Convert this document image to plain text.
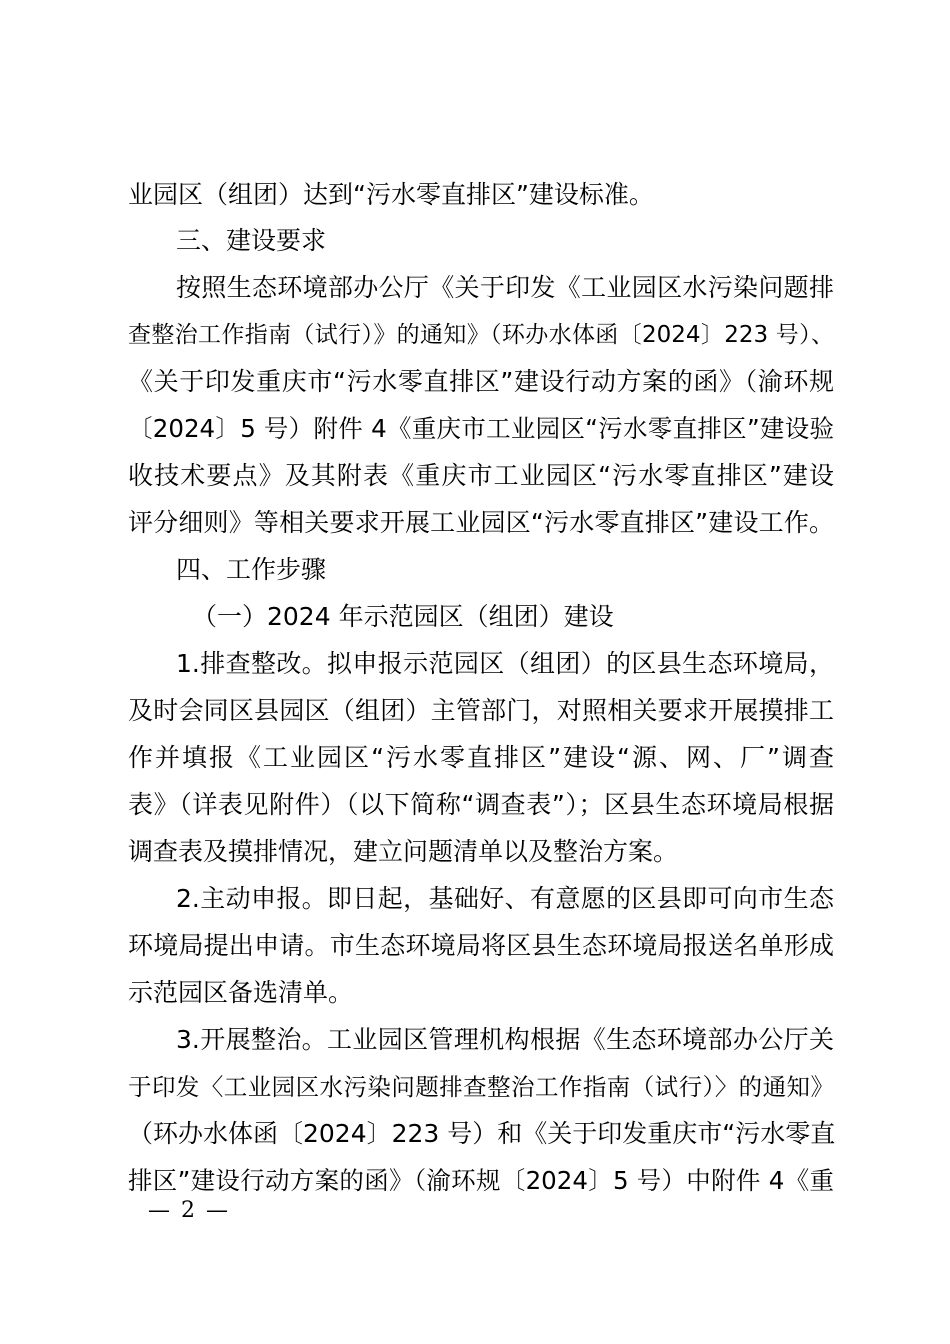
业园区（组团）达到“污水零直排区”建设标准。
三、建设要求
按照生态环境部办公厅《关于印发《工业园区水污染问题排
查整治工作指南（试行）》的通知》（环办水体函〔2024〕223 号）、
《关于印发重庆市“污水零直排区”建设行动方案的函》（渝环规
〔2024〕5 号）附件 4《重庆市工业园区“污水零直排区”建设验
收技术要点》及其附表《重庆市工业园区“污水零直排区”建设
评分细则》等相关要求开展工业园区“污水零直排区”建设工作。
四、工作步骤
（一）2024 年示范园区（组团）建设
1.排查整改。拟申报示范园区（组团）的区县生态环境局，
及时会同区县园区（组团）主管部门，对照相关要求开展摸排工
作并填报《工业园区“污水零直排区”建设“源、网、厂”调查
表》（详表见附件）（以下简称“调查表”）；区县生态环境局根据
调查表及摸排情况，建立问题清单以及整治方案。
2.主动申报。即日起，基础好、有意愿的区县即可向市生态
环境局提出申请。市生态环境局将区县生态环境局报送名单形成
示范园区备选清单。
3.开展整治。工业园区管理机构根据《生态环境部办公厅关
于印发〈工业园区水污染问题排查整治工作指南（试行）〉的通知》
（环办水体函〔2024〕223 号）和《关于印发重庆市“污水零直
排区”建设行动方案的函》（渝环规〔2024〕5 号）中附件 4《重
— 2 —
